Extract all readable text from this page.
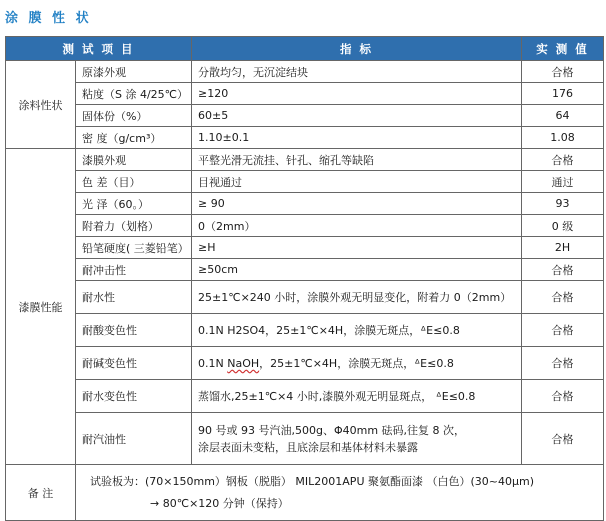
涂 膜 性 状
测 试 项 目		指 标	实 测 值
涂料性状	原漆外观	分散均匀，无沉淀结块	合格
	粘度（S 涂 4/25℃）	≥120	176
	固体份（%）	60±5	64
	密 度（g/cm³）	1.10±0.1	1.08
漆膜性能	漆膜外观	平整光滑无流挂、针孔、缩孔等缺陷	合格
	色 差（目）	目视通过	通过
	光 泽（60。）	≥ 90	93
	附着力（划格）	0（2mm）	0 级
	铅笔硬度( 三菱铅笔）	≥H	2H
	耐冲击性	≥50cm	合格
	耐水性	25±1℃×240 小时，涂膜外观无明显变化，附着力 0（2mm）	合格
	耐酸变色性	0.1N H2SO4，25±1℃×4H，涂膜无斑点，ᐞE≤0.8	合格
	耐碱变色性	0.1N NaOH，25±1℃×4H，涂膜无斑点，ᐞE≤0.8	合格
	耐水变色性	蒸馏水,25±1℃×4 小时,漆膜外观无明显斑点， ᐞE≤0.8	合格
	耐汽油性	90 号或 93 号汽油,500g、Φ40mm 砝码,往复 8 次，
涂层表面未变粘，且底涂层和基体材料未暴露	合格
备 注	试验板为：(70×150mm）钢板（脱脂） MIL2001APU 聚氨酯面漆 （白色）(30~40μm)
→ 80℃×120 分钟（保持）		
